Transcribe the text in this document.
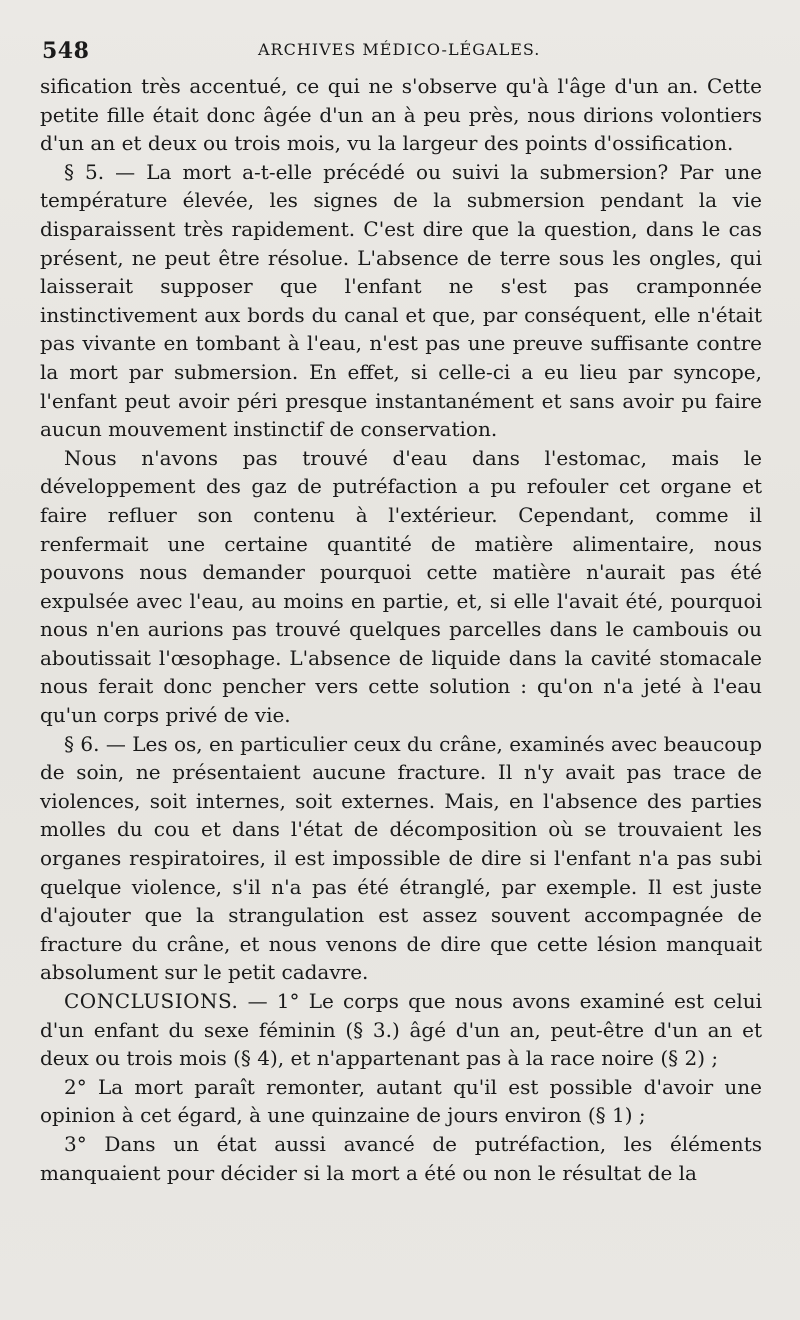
548	ARCHIVES MÉDICO-LÉGALES.

sification très accentué, ce qui ne s'observe qu'à l'âge d'un an. Cette petite fille était donc âgée d'un an à peu près, nous dirions volontiers d'un an et deux ou trois mois, vu la largeur des points d'ossification.

§ 5. — La mort a-t-elle précédé ou suivi la submersion? Par une température élevée, les signes de la submersion pendant la vie disparaissent très rapidement. C'est dire que la question, dans le cas présent, ne peut être résolue. L'absence de terre sous les ongles, qui laisserait supposer que l'enfant ne s'est pas cramponnée instinctivement aux bords du canal et que, par conséquent, elle n'était pas vivante en tombant à l'eau, n'est pas une preuve suffisante contre la mort par submersion. En effet, si celle-ci a eu lieu par syncope, l'enfant peut avoir péri presque instantanément et sans avoir pu faire aucun mouvement instinctif de conservation.

Nous n'avons pas trouvé d'eau dans l'estomac, mais le développement des gaz de putréfaction a pu refouler cet organe et faire refluer son contenu à l'extérieur. Cependant, comme il renfermait une certaine quantité de matière alimentaire, nous pouvons nous demander pourquoi cette matière n'aurait pas été expulsée avec l'eau, au moins en partie, et, si elle l'avait été, pourquoi nous n'en aurions pas trouvé quelques parcelles dans le cambouis ou aboutissait l'œsophage. L'absence de liquide dans la cavité stomacale nous ferait donc pencher vers cette solution : qu'on n'a jeté à l'eau qu'un corps privé de vie.

§ 6. — Les os, en particulier ceux du crâne, examinés avec beaucoup de soin, ne présentaient aucune fracture. Il n'y avait pas trace de violences, soit internes, soit externes. Mais, en l'absence des parties molles du cou et dans l'état de décomposition où se trouvaient les organes respiratoires, il est impossible de dire si l'enfant n'a pas subi quelque violence, s'il n'a pas été étranglé, par exemple. Il est juste d'ajouter que la strangulation est assez souvent accompagnée de fracture du crâne, et nous venons de dire que cette lésion manquait absolument sur le petit cadavre.

CONCLUSIONS. — 1° Le corps que nous avons examiné est celui d'un enfant du sexe féminin (§ 3.) âgé d'un an, peut-être d'un an et deux ou trois mois (§ 4), et n'appartenant pas à la race noire (§ 2) ;

2° La mort paraît remonter, autant qu'il est possible d'avoir une opinion à cet égard, à une quinzaine de jours environ (§ 1) ;

3° Dans un état aussi avancé de putréfaction, les éléments manquaient pour décider si la mort a été ou non le résultat de la
